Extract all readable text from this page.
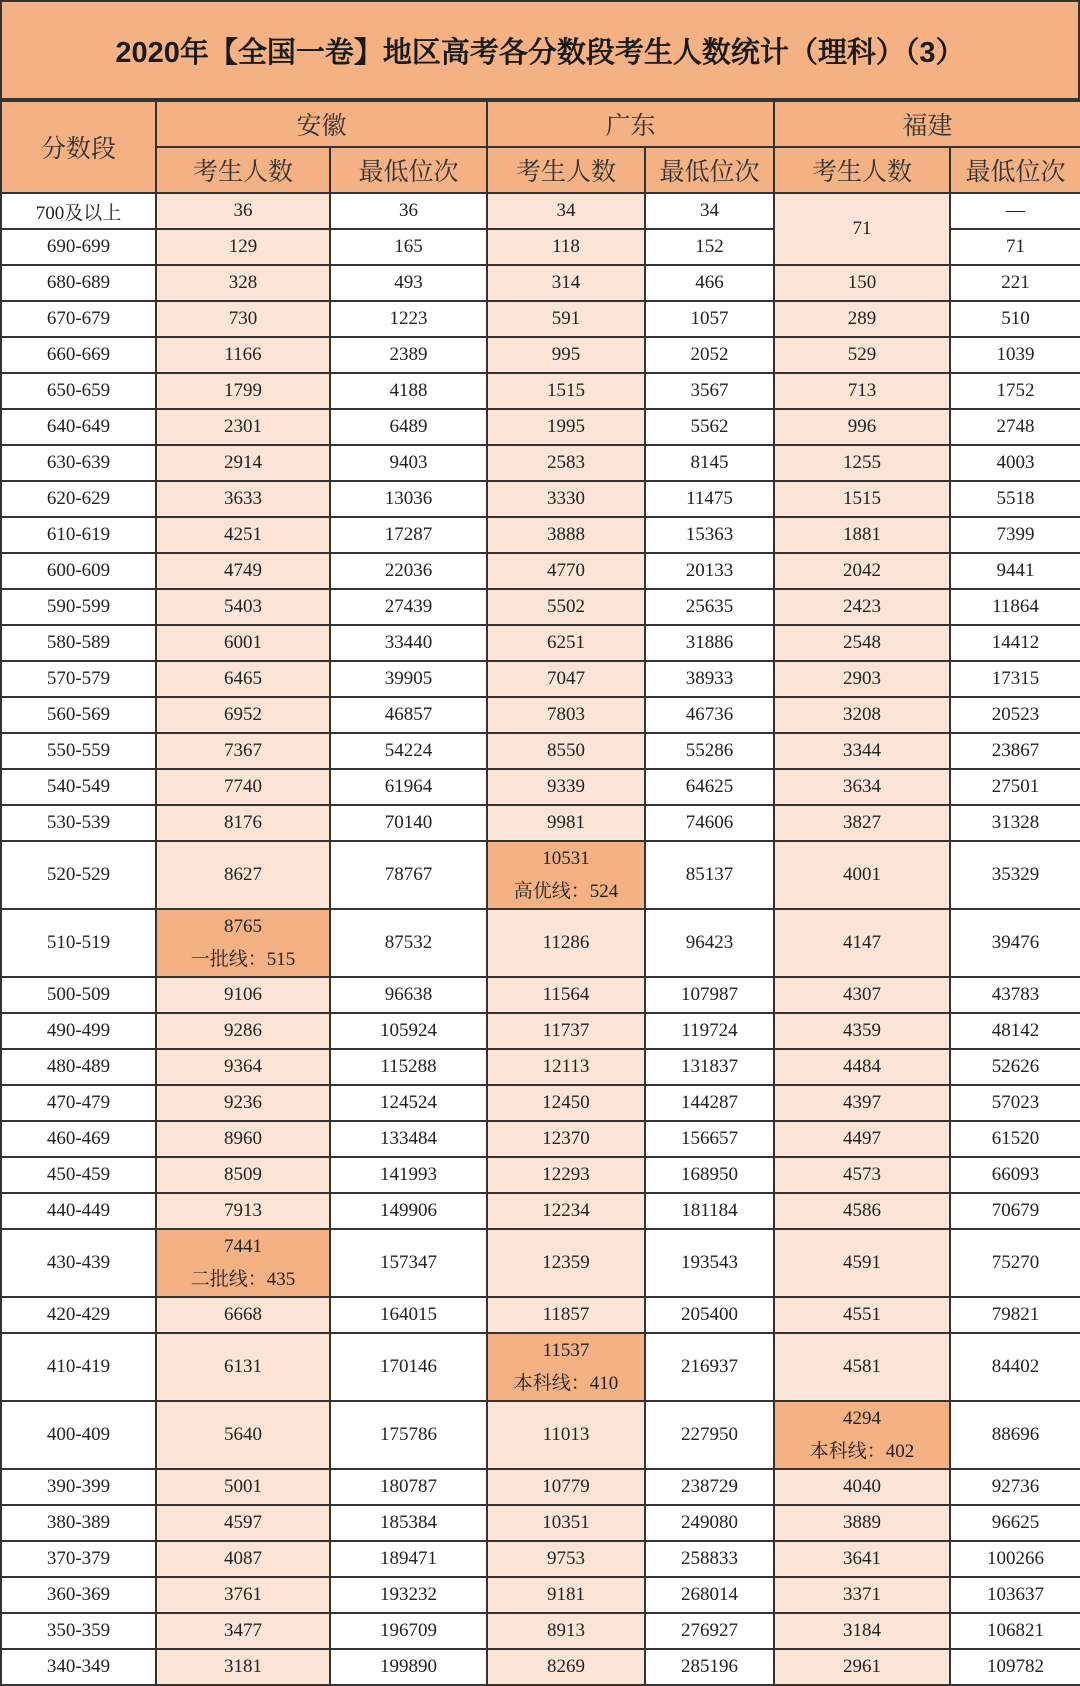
2020年【全国一卷】地区高考各分数段考生人数统计（理科）（3）
分数段	安徽		广东		福建	
	考生人数	最低位次	考生人数	最低位次	考生人数	最低位次
700及以上	36	36	34	34	71	—
690-699	129	165	118	152		71
680-689	328	493	314	466	150	221
670-679	730	1223	591	1057	289	510
660-669	1166	2389	995	2052	529	1039
650-659	1799	4188	1515	3567	713	1752
640-649	2301	6489	1995	5562	996	2748
630-639	2914	9403	2583	8145	1255	4003
620-629	3633	13036	3330	11475	1515	5518
610-619	4251	17287	3888	15363	1881	7399
600-609	4749	22036	4770	20133	2042	9441
590-599	5403	27439	5502	25635	2423	11864
580-589	6001	33440	6251	31886	2548	14412
570-579	6465	39905	7047	38933	2903	17315
560-569	6952	46857	7803	46736	3208	20523
550-559	7367	54224	8550	55286	3344	23867
540-549	7740	61964	9339	64625	3634	27501
530-539	8176	70140	9981	74606	3827	31328
520-529	8627	78767	10531
高优线：524	85137	4001	35329
510-519	8765
一批线：515	87532	11286	96423	4147	39476
500-509	9106	96638	11564	107987	4307	43783
490-499	9286	105924	11737	119724	4359	48142
480-489	9364	115288	12113	131837	4484	52626
470-479	9236	124524	12450	144287	4397	57023
460-469	8960	133484	12370	156657	4497	61520
450-459	8509	141993	12293	168950	4573	66093
440-449	7913	149906	12234	181184	4586	70679
430-439	7441
二批线：435	157347	12359	193543	4591	75270
420-429	6668	164015	11857	205400	4551	79821
410-419	6131	170146	11537
本科线：410	216937	4581	84402
400-409	5640	175786	11013	227950	4294
本科线：402	88696
390-399	5001	180787	10779	238729	4040	92736
380-389	4597	185384	10351	249080	3889	96625
370-379	4087	189471	9753	258833	3641	100266
360-369	3761	193232	9181	268014	3371	103637
350-359	3477	196709	8913	276927	3184	106821
340-349	3181	199890	8269	285196	2961	109782
